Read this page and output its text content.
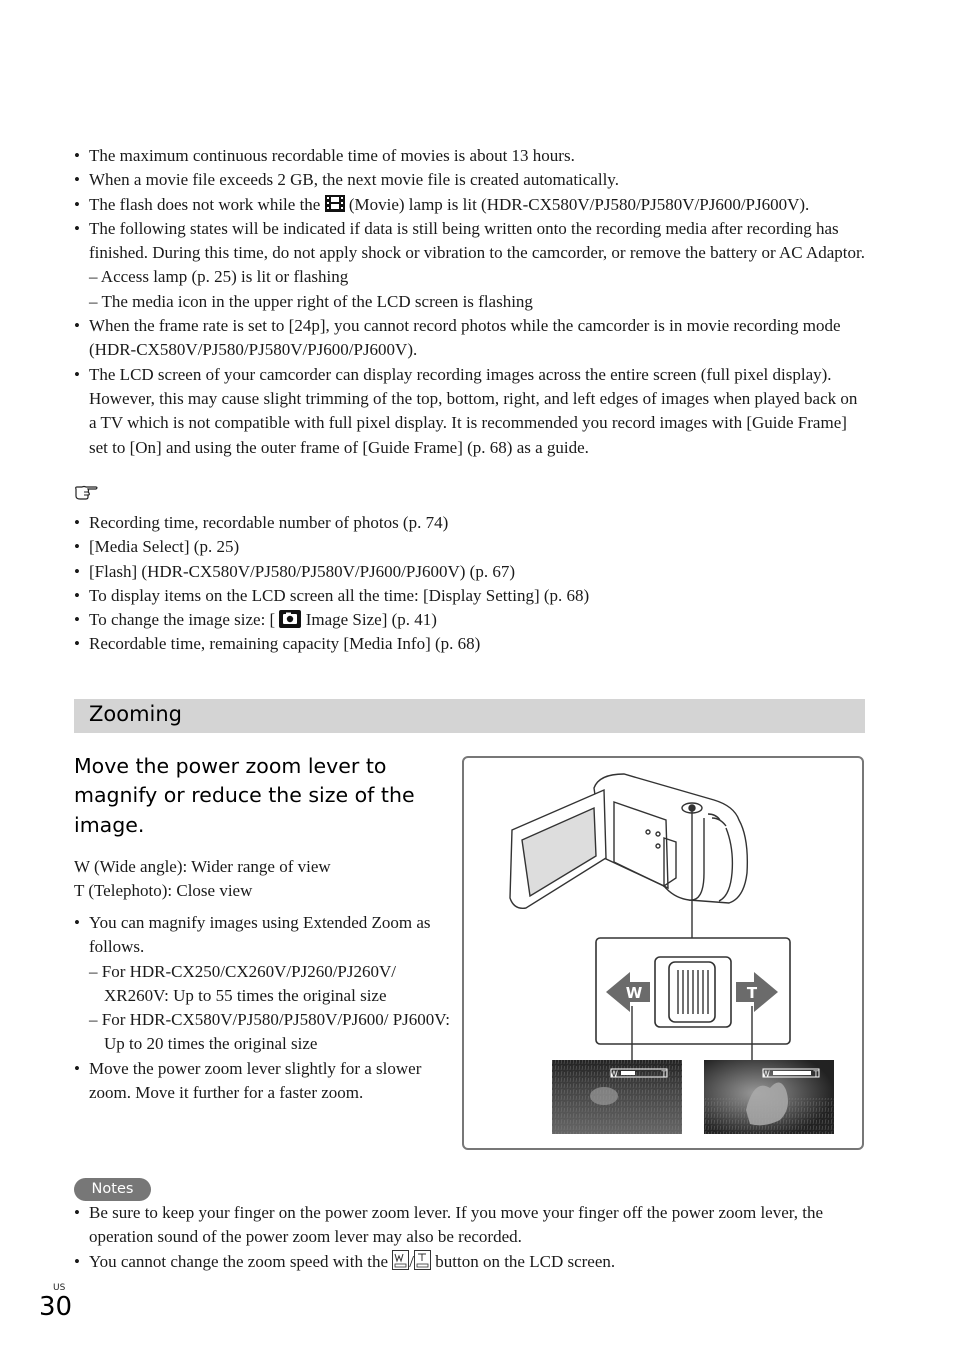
• The maximum continuous recordable time of movies is about 13 hours.
• When a movie file exceeds 2 GB, the next movie file is created automatically.
• The flash does not work while the (Movie) lamp is lit (HDR-CX580V/PJ580/PJ580V/PJ600/PJ600V).
• The following states will be indicated if data is still being written onto the recording media after recording has finished. During this time, do not apply shock or vibration to the camcorder, or remove the battery or AC Adaptor.
– Access lamp (p. 25) is lit or flashing
– The media icon in the upper right of the LCD screen is flashing
• When the frame rate is set to [24p], you cannot record photos while the camcorder is in movie recording mode (HDR-CX580V/PJ580/PJ580V/PJ600/PJ600V).
• The LCD screen of your camcorder can display recording images across the entire screen (full pixel display). However, this may cause slight trimming of the top, bottom, right, and left edges of images when played back on a TV which is not compatible with full pixel display. It is recommended you record images with [Guide Frame] set to [On] and using the outer frame of [Guide Frame] (p. 68) as a guide.
• Recording time, recordable number of photos (p. 74)
• [Media Select] (p. 25)
• [Flash] (HDR-CX580V/PJ580/PJ580V/PJ600/PJ600V) (p. 67)
• To display items on the LCD screen all the time: [Display Setting] (p. 68)
• To change the image size: [ Image Size] (p. 41)
• Recordable time, remaining capacity [Media Info] (p. 68)
Zooming
Move the power zoom lever to magnify or reduce the size of the image.
W (Wide angle): Wider range of view
T (Telephoto): Close view
• You can magnify images using Extended Zoom as follows.
– For HDR-CX250/CX260V/PJ260/PJ260V/ XR260V: Up to 55 times the original size
– For HDR-CX580V/PJ580/PJ580V/PJ600/ PJ600V: Up to 20 times the original size
• Move the power zoom lever slightly for a slower zoom. Move it further for a faster zoom.
W	T
W	T	W	T
Notes
• Be sure to keep your finger on the power zoom lever. If you move your finger off the power zoom lever, the operation sound of the power zoom lever may also be recorded.
• You cannot change the zoom speed with the / button on the LCD screen.
US
30
